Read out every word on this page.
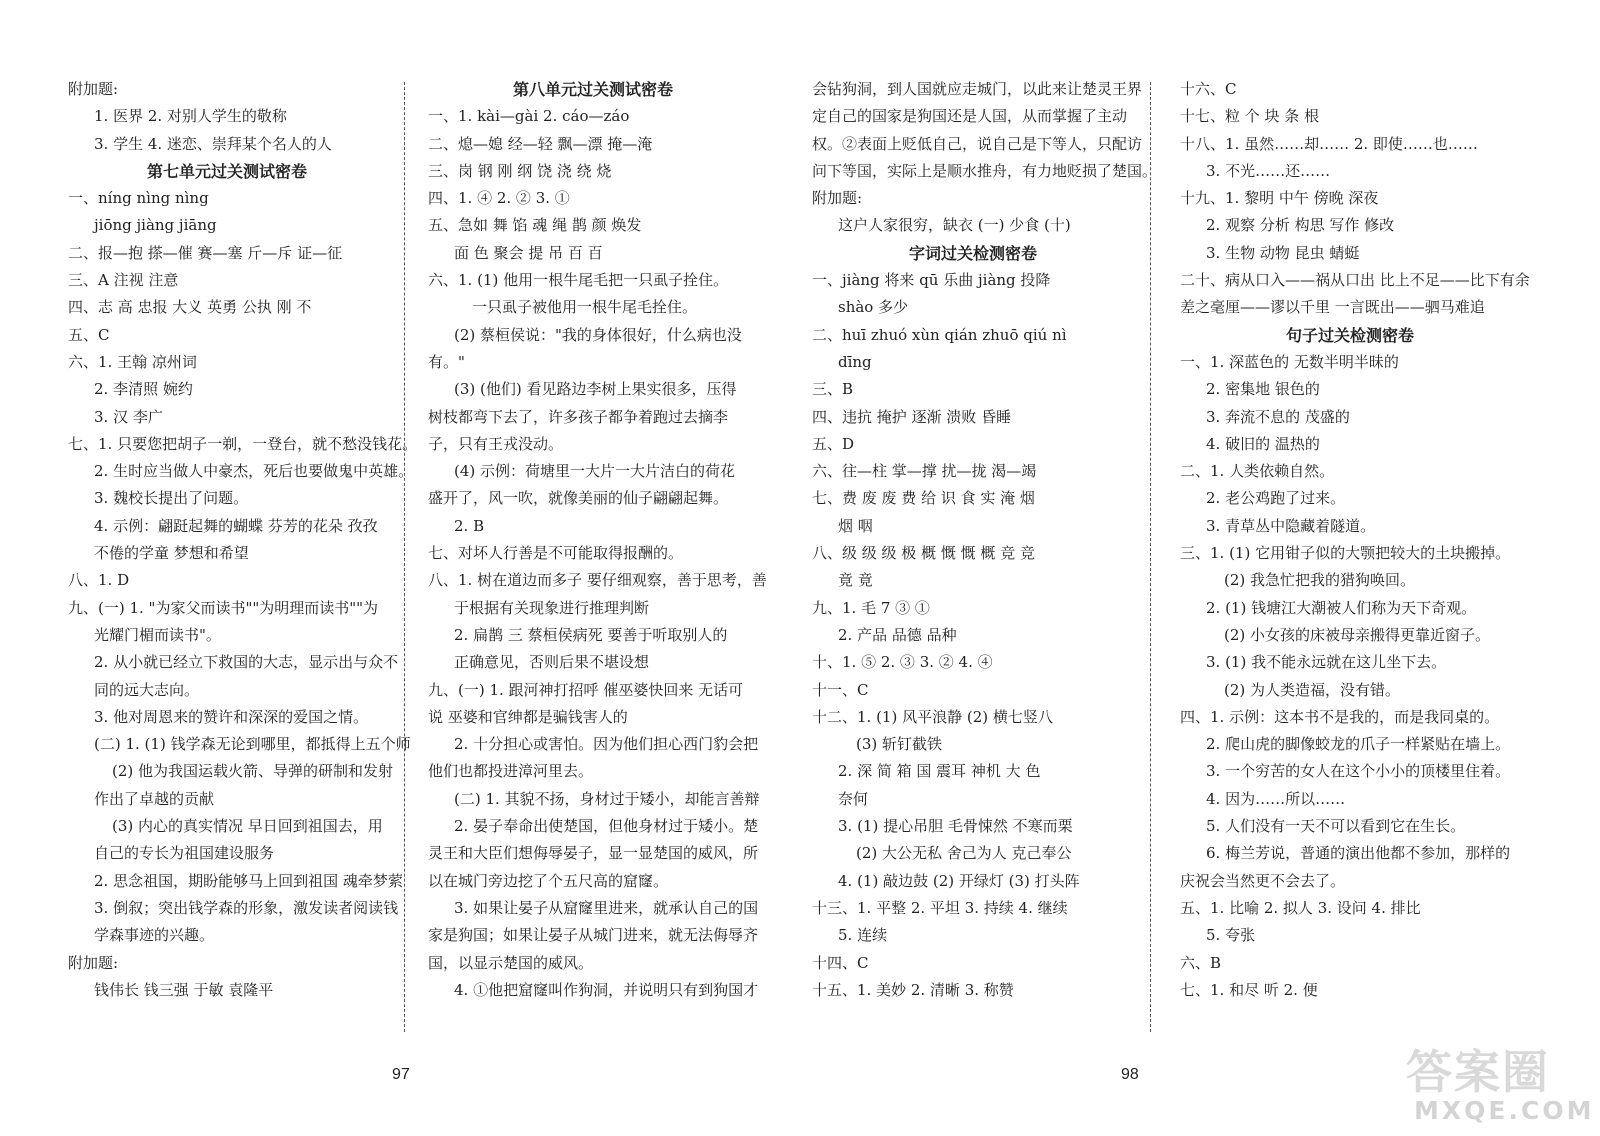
附加题:
1. 医界 2. 对别人学生的敬称
3. 学生 4. 迷恋、崇拜某个名人的人
第七单元过关测试密卷
一、níng nìng nìng
jiōng jiàng jiāng
二、报—抱 搽—催 赛—塞 斤—斥 证—征
三、A 注视 注意
四、志 高 忠报 大义 英勇 公执 刚 不
五、C
六、1. 王翰 凉州词
2. 李清照 婉约
3. 汉 李广
七、1. 只要您把胡子一剃，一登台，就不愁没钱花。
2. 生时应当做人中豪杰，死后也要做鬼中英雄。
3. 魏校长提出了问题。
4. 示例：翩跹起舞的蝴蝶 芬芳的花朵 孜孜
不倦的学童 梦想和希望
八、1. D
九、(一) 1. "为家父而读书""为明理而读书""为
光耀门楣而读书"。
2. 从小就已经立下救国的大志，显示出与众不
同的远大志向。
3. 他对周恩来的赞许和深深的爱国之情。
(二) 1. (1) 钱学森无论到哪里，都抵得上五个师
(2) 他为我国运载火箭、导弹的研制和发射
作出了卓越的贡献
(3) 内心的真实情况 早日回到祖国去，用
自己的专长为祖国建设服务
2. 思念祖国，期盼能够马上回到祖国 魂牵梦萦
3. 倒叙；突出钱学森的形象，激发读者阅读钱
学森事迹的兴趣。
附加题:
钱伟长 钱三强 于敏 袁隆平
第八单元过关测试密卷
一、1. kài—gài 2. cáo—záo
二、熄—媳 经—轻 飘—漂 掩—淹
三、岗 钢 刚 纲 饶 浇 绕 烧
四、1. ④ 2. ② 3. ①
五、急如 舞 馅 魂 绳 鹊 颜 焕发
面 色 聚会 提 吊 百 百
六、1. (1) 他用一根牛尾毛把一只虱子拴住。
一只虱子被他用一根牛尾毛拴住。
(2) 蔡桓侯说："我的身体很好，什么病也没
有。"
(3) (他们) 看见路边李树上果实很多，压得
树枝都弯下去了，许多孩子都争着跑过去摘李
子，只有王戎没动。
(4) 示例：荷塘里一大片一大片洁白的荷花
盛开了，风一吹，就像美丽的仙子翩翩起舞。
2. B
七、对坏人行善是不可能取得报酬的。
八、1. 树在道边而多子 要仔细观察，善于思考，善
于根据有关现象进行推理判断
2. 扁鹊 三 蔡桓侯病死 要善于听取别人的
正确意见，否则后果不堪设想
九、(一) 1. 跟河神打招呼 催巫婆快回来 无话可
说 巫婆和官绅都是骗钱害人的
2. 十分担心或害怕。因为他们担心西门豹会把
他们也都投进漳河里去。
(二) 1. 其貌不扬，身材过于矮小，却能言善辩
2. 晏子奉命出使楚国，但他身材过于矮小。楚
灵王和大臣们想侮辱晏子，显一显楚国的威风，所
以在城门旁边挖了个五尺高的窟窿。
3. 如果让晏子从窟窿里进来，就承认自己的国
家是狗国；如果让晏子从城门进来，就无法侮辱齐
国，以显示楚国的威风。
4. ①他把窟窿叫作狗洞，并说明只有到狗国才
会钻狗洞，到人国就应走城门，以此来让楚灵王界
定自己的国家是狗国还是人国，从而掌握了主动
权。②表面上贬低自己，说自己是下等人，只配访
问下等国，实际上是顺水推舟，有力地贬损了楚国。
附加题:
这户人家很穷，缺衣 (一) 少食 (十)
字词过关检测密卷
一、jiàng 将来 qū 乐曲 jiàng 投降
shào 多少
二、huī zhuó xùn qián zhuō qiú nì
dīng
三、B
四、违抗 掩护 逐渐 溃败 昏睡
五、D
六、往—柱 掌—撑 扰—拢 渴—竭
七、费 废 废 费 给 识 食 实 淹 烟
烟 咽
八、级 级 级 极 概 慨 慨 概 竞 竞
竟 竟
九、1. 毛 7 ③ ①
2. 产品 品德 品种
十、1. ⑤ 2. ③ 3. ② 4. ④
十一、C
十二、1. (1) 风平浪静 (2) 横七竖八
(3) 斩钉截铁
2. 深 简 箱 国 震耳 神机 大 色
奈何
3. (1) 提心吊胆 毛骨悚然 不寒而栗
(2) 大公无私 舍己为人 克己奉公
4. (1) 敲边鼓 (2) 开绿灯 (3) 打头阵
十三、1. 平整 2. 平坦 3. 持续 4. 继续
5. 连续
十四、C
十五、1. 美妙 2. 清晰 3. 称赞
十六、C
十七、粒 个 块 条 根
十八、1. 虽然……却…… 2. 即使……也……
3. 不光……还……
十九、1. 黎明 中午 傍晚 深夜
2. 观察 分析 构思 写作 修改
3. 生物 动物 昆虫 蜻蜓
二十、病从口入——祸从口出 比上不足——比下有余
差之毫厘——谬以千里 一言既出——驷马难追
句子过关检测密卷
一、1. 深蓝色的 无数半明半昧的
2. 密集地 银色的
3. 奔流不息的 茂盛的
4. 破旧的 温热的
二、1. 人类依赖自然。
2. 老公鸡跑了过来。
3. 青草丛中隐藏着隧道。
三、1. (1) 它用钳子似的大颚把较大的土块搬掉。
(2) 我急忙把我的猎狗唤回。
2. (1) 钱塘江大潮被人们称为天下奇观。
(2) 小女孩的床被母亲搬得更靠近窗子。
3. (1) 我不能永远就在这儿坐下去。
(2) 为人类造福，没有错。
四、1. 示例：这本书不是我的，而是我同桌的。
2. 爬山虎的脚像蛟龙的爪子一样紧贴在墙上。
3. 一个穷苦的女人在这个小小的顶楼里住着。
4. 因为……所以……
5. 人们没有一天不可以看到它在生长。
6. 梅兰芳说，普通的演出他都不参加，那样的
庆祝会当然更不会去了。
五、1. 比喻 2. 拟人 3. 设问 4. 排比
5. 夸张
六、B
七、1. 和尽 听 2. 便
97	98	答案圈
MXQE.COM
